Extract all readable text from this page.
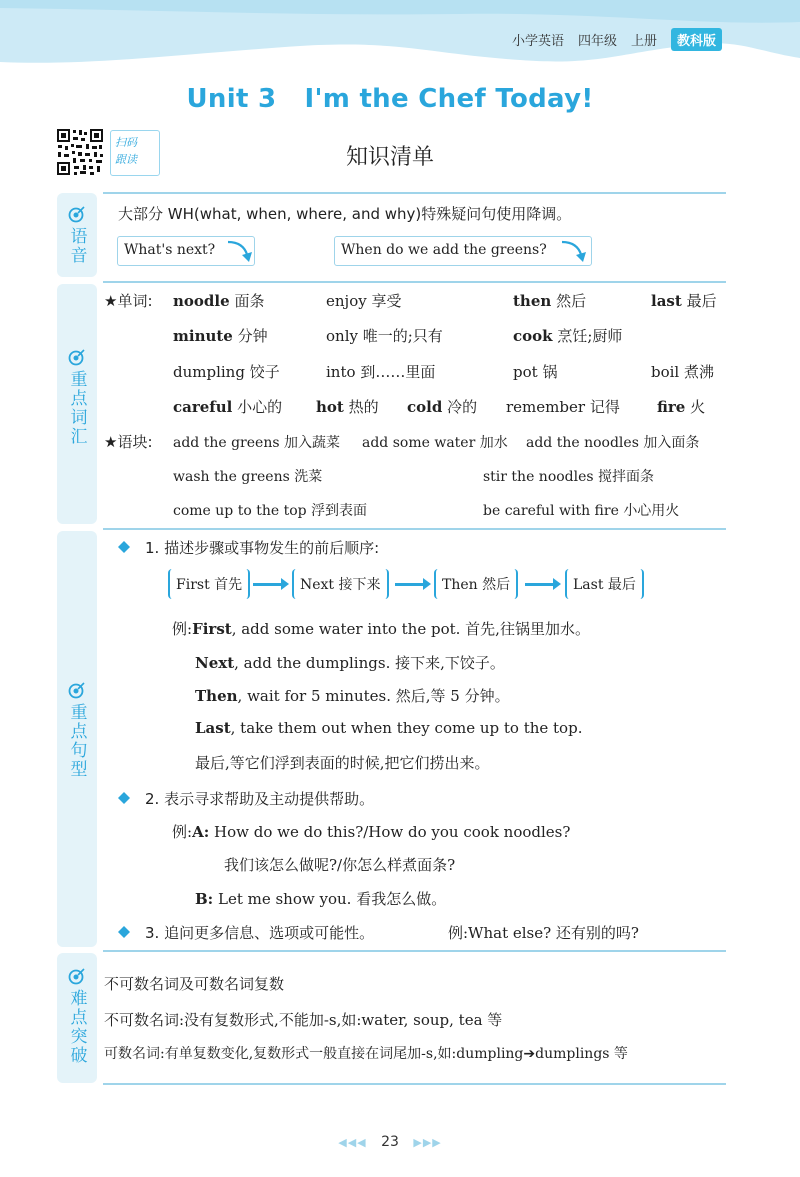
小学英语 四年级 上册	教科版
Unit 3   I'm the Chef Today!
扫码
跟读	知识清单
语音
大部分 WH(what, when, where, and why)特殊疑问句使用降调。
What's next?	When do we add the greens?
重点词汇
★单词: noodle 面条	enjoy 享受	then 然后	last 最后
minute 分钟	only 唯一的;只有	cook 烹饪;厨师
dumpling 饺子	into 到……里面	pot 锅	boil 煮沸
careful 小心的 hot 热的 cold 冷的 remember 记得 fire 火
★语块: add the greens 加入蔬菜 add some water 加水 add the noodles 加入面条
wash the greens 洗菜	stir the noodles 搅拌面条
come up to the top 浮到表面	be careful with fire 小心用火
重点句型
1. 描述步骤或事物发生的前后顺序:
First 首先	Next 接下来	Then 然后	Last 最后
例:First, add some water into the pot. 首先,往锅里加水。
Next, add the dumplings. 接下来,下饺子。
Then, wait for 5 minutes. 然后,等 5 分钟。
Last, take them out when they come up to the top.
最后,等它们浮到表面的时候,把它们捞出来。
2. 表示寻求帮助及主动提供帮助。
例:A: How do we do this?/How do you cook noodles?
我们该怎么做呢?/你怎么样煮面条?
B: Let me show you. 看我怎么做。
3. 追问更多信息、选项或可能性。	例:What else? 还有别的吗?
难点突破
不可数名词及可数名词复数
不可数名词:没有复数形式,不能加-s,如:water, soup, tea 等
可数名词:有单复数变化,复数形式一般直接在词尾加-s,如:dumpling➔dumplings 等
◀◀◀ 23 ▶▶▶
